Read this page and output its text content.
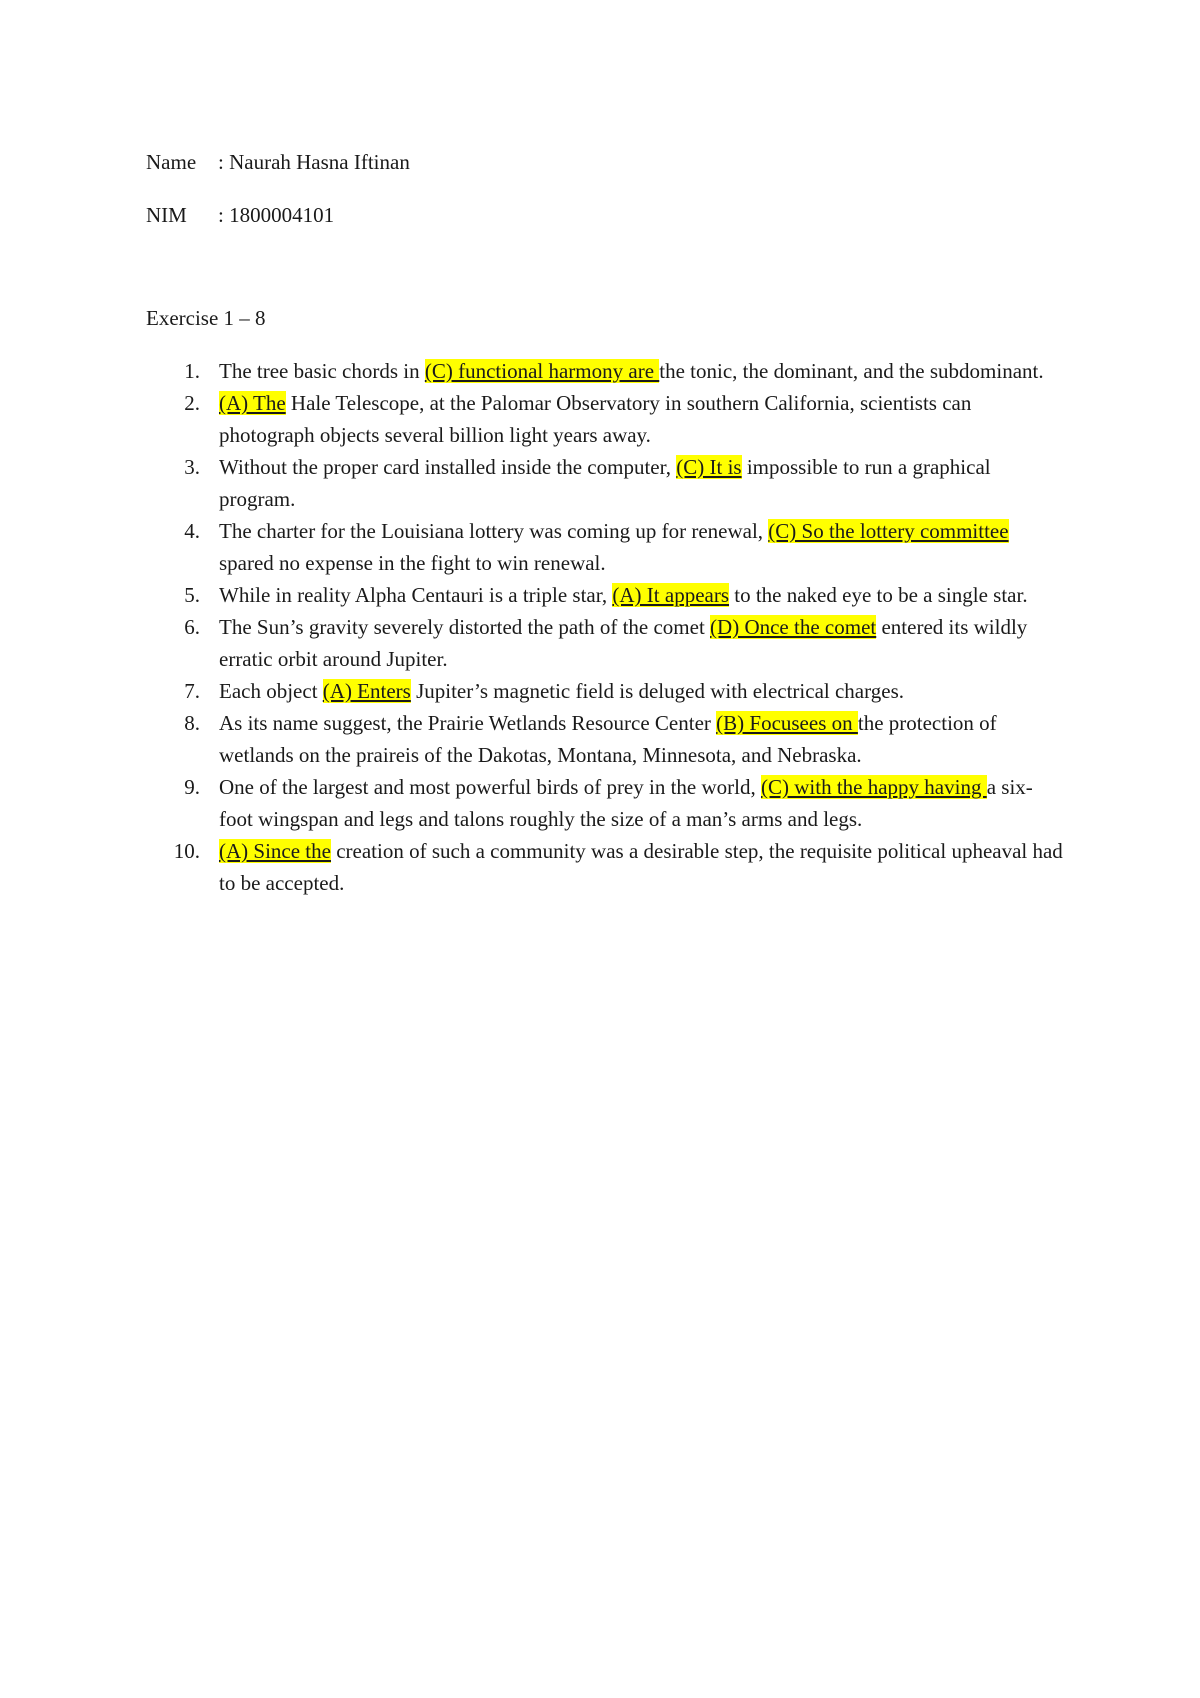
Name : Naurah Hasna Iftinan
NIM : 1800004101
Exercise 1 – 8
1. The tree basic chords in (C) functional harmony are the tonic, the dominant, and the subdominant.
2. (A) The Hale Telescope, at the Palomar Observatory in southern California, scientists can photograph objects several billion light years away.
3. Without the proper card installed inside the computer, (C) It is impossible to run a graphical program.
4. The charter for the Louisiana lottery was coming up for renewal, (C) So the lottery committee spared no expense in the fight to win renewal.
5. While in reality Alpha Centauri is a triple star, (A) It appears to the naked eye to be a single star.
6. The Sun’s gravity severely distorted the path of the comet (D) Once the comet entered its wildly erratic orbit around Jupiter.
7. Each object (A) Enters Jupiter’s magnetic field is deluged with electrical charges.
8. As its name suggest, the Prairie Wetlands Resource Center (B) Focusees on the protection of wetlands on the praireis of the Dakotas, Montana, Minnesota, and Nebraska.
9. One of the largest and most powerful birds of prey in the world, (C) with the happy having a six-foot wingspan and legs and talons roughly the size of a man’s arms and legs.
10. (A) Since the creation of such a community was a desirable step, the requisite political upheaval had to be accepted.
